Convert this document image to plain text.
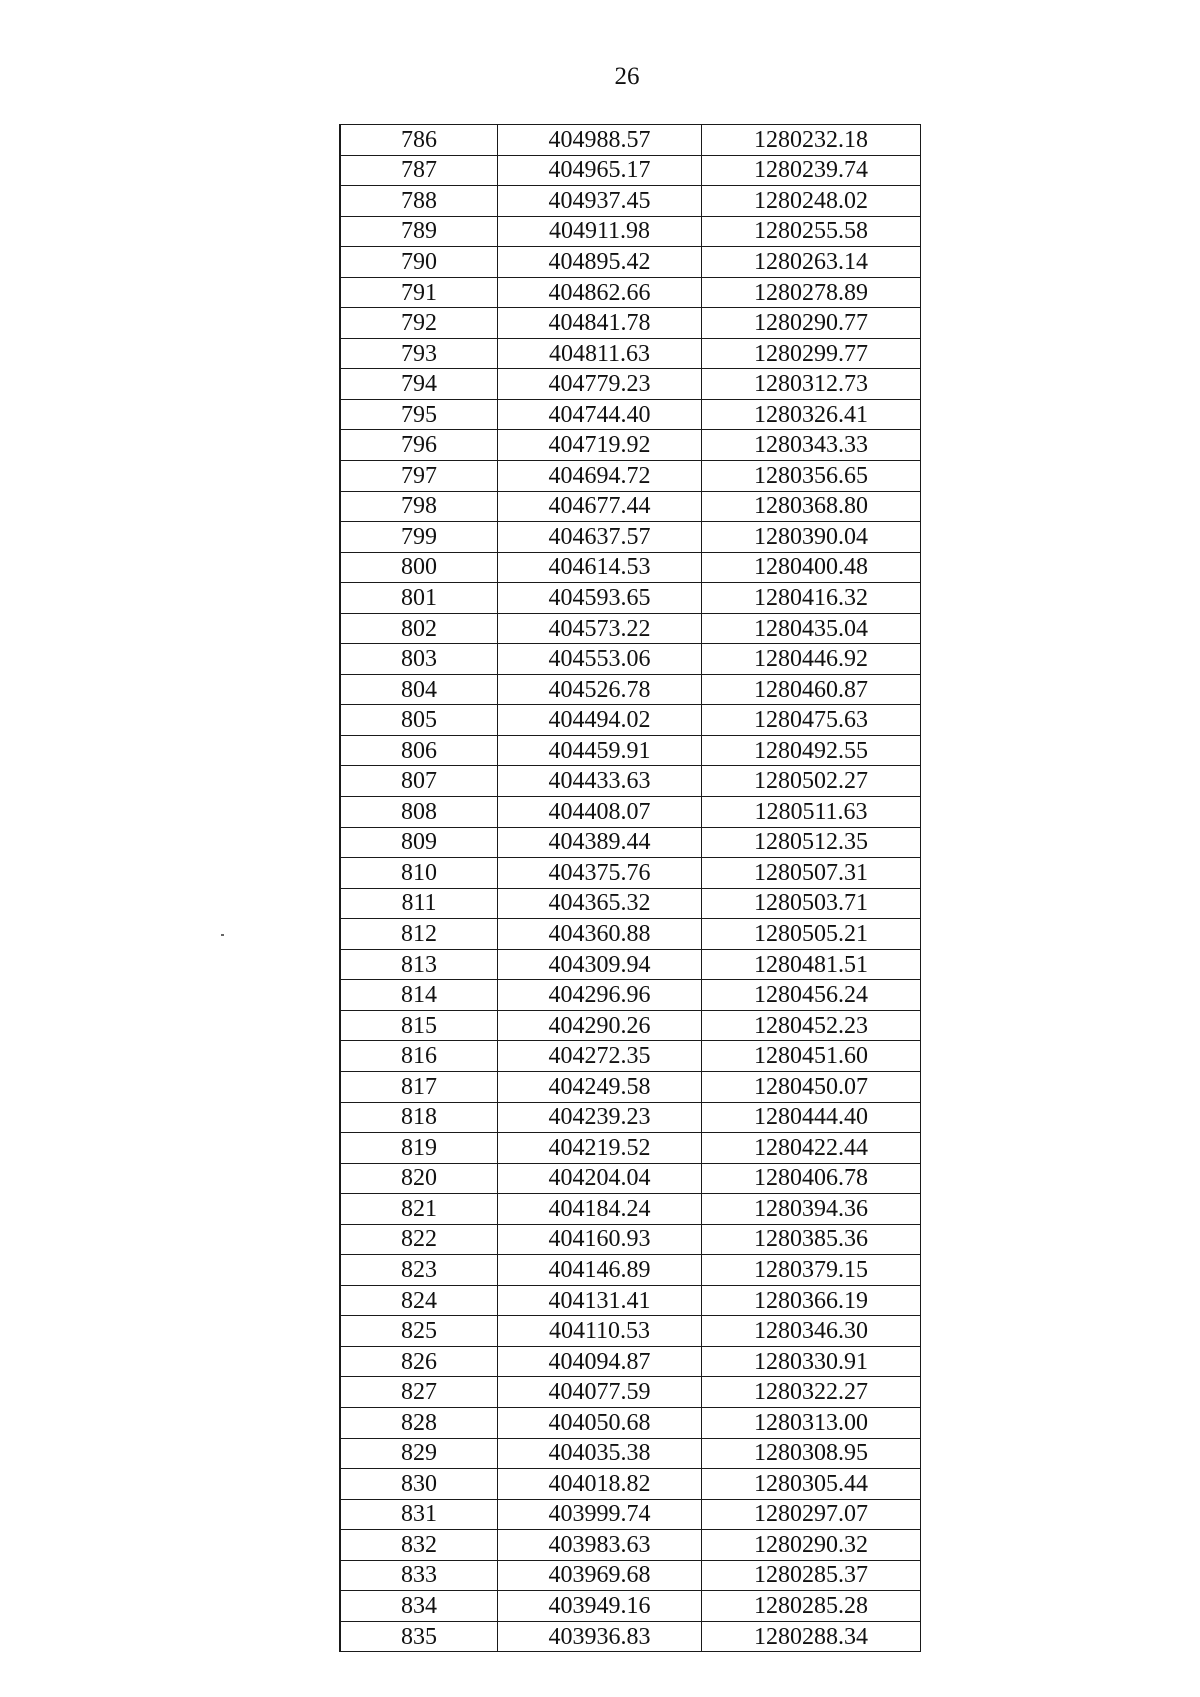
26
786	404988.57	1280232.18
787	404965.17	1280239.74
788	404937.45	1280248.02
789	404911.98	1280255.58
790	404895.42	1280263.14
791	404862.66	1280278.89
792	404841.78	1280290.77
793	404811.63	1280299.77
794	404779.23	1280312.73
795	404744.40	1280326.41
796	404719.92	1280343.33
797	404694.72	1280356.65
798	404677.44	1280368.80
799	404637.57	1280390.04
800	404614.53	1280400.48
801	404593.65	1280416.32
802	404573.22	1280435.04
803	404553.06	1280446.92
804	404526.78	1280460.87
805	404494.02	1280475.63
806	404459.91	1280492.55
807	404433.63	1280502.27
808	404408.07	1280511.63
809	404389.44	1280512.35
810	404375.76	1280507.31
811	404365.32	1280503.71
812	404360.88	1280505.21
813	404309.94	1280481.51
814	404296.96	1280456.24
815	404290.26	1280452.23
816	404272.35	1280451.60
817	404249.58	1280450.07
818	404239.23	1280444.40
819	404219.52	1280422.44
820	404204.04	1280406.78
821	404184.24	1280394.36
822	404160.93	1280385.36
823	404146.89	1280379.15
824	404131.41	1280366.19
825	404110.53	1280346.30
826	404094.87	1280330.91
827	404077.59	1280322.27
828	404050.68	1280313.00
829	404035.38	1280308.95
830	404018.82	1280305.44
831	403999.74	1280297.07
832	403983.63	1280290.32
833	403969.68	1280285.37
834	403949.16	1280285.28
835	403936.83	1280288.34
